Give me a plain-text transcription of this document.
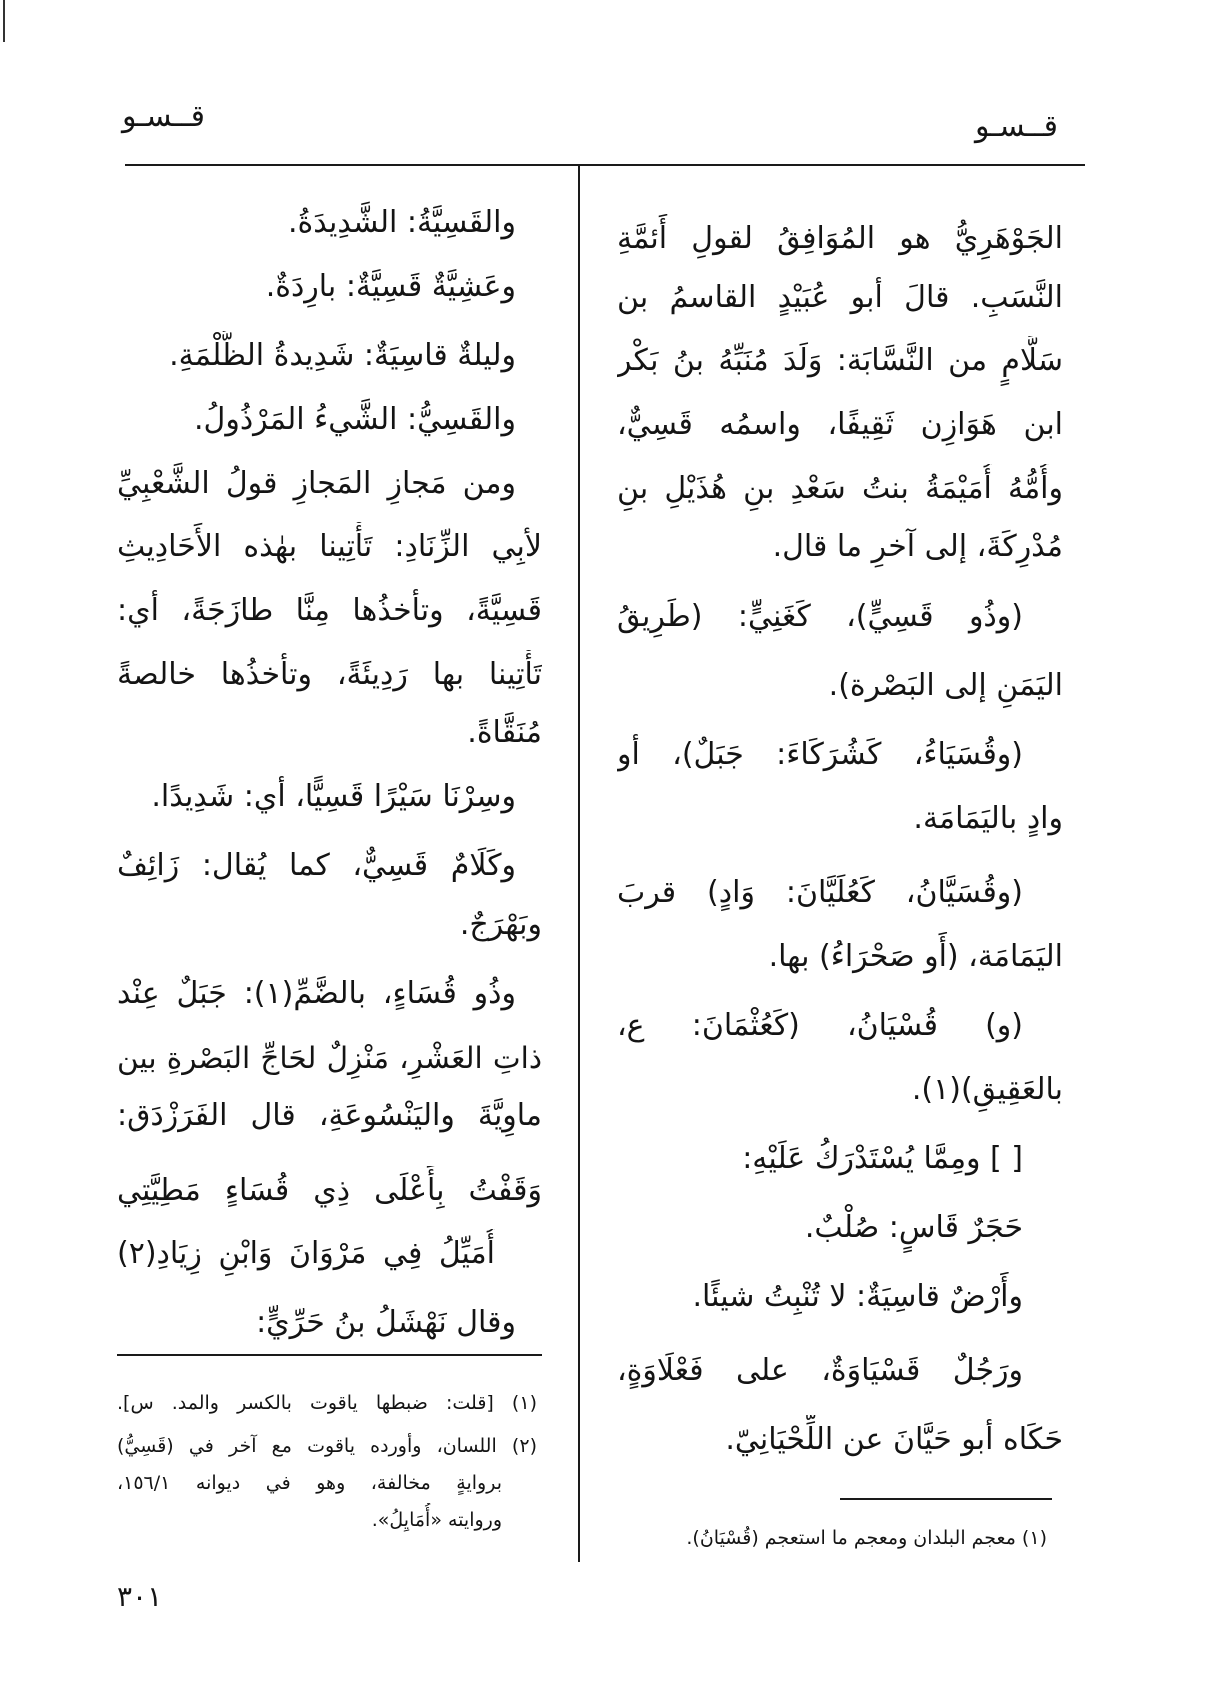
قــسـو	قــسـو
الجَوْهَرِيُّ هو المُوَافِقُ لقولِ أَئمَّةِ
النَّسَبِ. قالَ أبو عُبَيْدٍ القاسمُ بن
سَلَّامٍ من النَّسَّابَة: وَلَدَ مُنَبِّهُ بنُ بَكْر
ابن هَوَازِن ثَقِيفًا، واسمُه قَسِيٌّ،
وأُمُّهُ أُمَيْمَةُ بنتُ سَعْدِ بنِ هُذَيْلِ بنِ
مُدْرِكَةَ، إلى آخرِ ما قال.
(وذُو قَسِيٍّ)، كَغَنِيٍّ: (طَرِيقُ
اليَمَنِ إلى البَصْرة).
(وقُسَيَاءُ، كَشُرَكَاءَ: جَبَلٌ)، أو
وادٍ باليَمَامَة.
(وقُسَيَّانُ، كَعُلَيَّانَ: وَادٍ) قربَ
اليَمَامَة، (أَو صَحْرَاءُ) بها.
(و) قُسْيَانُ، (كَعُثْمَانَ: ع،
بالعَقِيقِ)(١).
[ ] ومِمَّا يُسْتَدْرَكُ عَلَيْهِ:
حَجَرٌ قَاسٍ: صُلْبٌ.
وأَرْضٌ قاسِيَةٌ: لا تُنْبِتُ شيئًا.
ورَجُلٌ قَسْيَاوَةٌ، على فَعْلَاوَةٍ،
حَكَاه أبو حَيَّانَ عن اللِّحْيَانِيّ.
(١) معجم البلدان ومعجم ما استعجم (قُسْيَانُ).
والقَسِيَّةُ: الشَّدِيدَةُ.
وعَشِيَّةٌ قَسِيَّةٌ: بارِدَةٌ.
وليلةٌ قاسِيَةٌ: شَدِيدةُ الظُّلْمَةِ.
والقَسِيُّ: الشَّيءُ المَرْذُولُ.
ومن مَجازِ المَجازِ قولُ الشَّعْبِيِّ
لأبِي الزِّنَادِ: تَأْتِينا بهٰذه الأَحَادِيثِ
قَسِيَّةً، وتأخذُها مِنَّا طازَجَةً، أي:
تَأْتِينا بها رَدِيئَةً، وتأخذُها خالصةً
مُنَقَّاةً.
وسِرْنَا سَيْرًا قَسِيًّا، أي: شَدِيدًا.
وكَلَامٌ قَسِيٌّ، كما يُقال: زَائِفٌ
وبَهْرَجٌ.
وذُو قُسَاءٍ، بالضَّمِّ(١): جَبَلٌ عِنْد
ذاتِ العَشْرِ، مَنْزِلٌ لحَاجِّ البَصْرةِ بين
ماوِيَّةَ واليَنْسُوعَةِ، قال الفَرَزْدَق:
وَقَفْتُ بِأَعْلَى ذِي قُسَاءٍ مَطِيَّتِي
أُمَيِّلُ فِي مَرْوَانَ وَابْنِ زِيَادِ(٢)
وقال نَهْشَلُ بنُ حَرِّيٍّ:
(١) [قلت: ضبطها ياقوت بالكسر والمد. س].
(٢) اللسان، وأورده ياقوت مع آخر في (قَسِيُّ)
بروايةٍ مخالفة، وهو في ديوانه ١٥٦/١،
وروايته «أُمَايِلُ».
٣٠١
